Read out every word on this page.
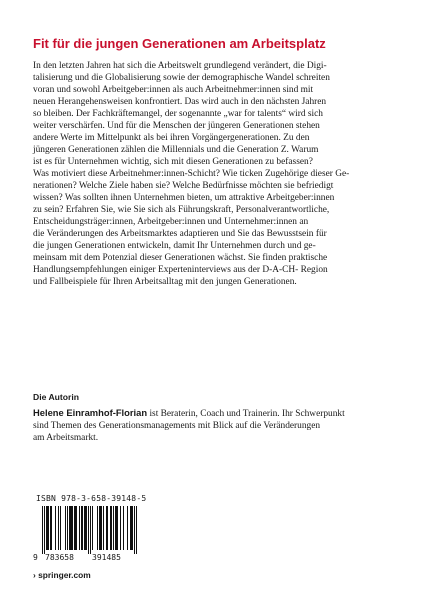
Fit für die jungen Generationen am Arbeitsplatz

In den letzten Jahren hat sich die Arbeitswelt grundlegend verändert, die Digi-
talisierung und die Globalisierung sowie der demographische Wandel schreiten
voran und sowohl Arbeitgeber:innen als auch Arbeitnehmer:innen sind mit
neuen Herangehensweisen konfrontiert. Das wird auch in den nächsten Jahren
so bleiben. Der Fachkräftemangel, der sogenannte „war for talents“ wird sich
weiter verschärfen. Und für die Menschen der jüngeren Generationen stehen
andere Werte im Mittelpunkt als bei ihren Vorgängergenerationen. Zu den
jüngeren Generationen zählen die Millennials und die Generation Z. Warum
ist es für Unternehmen wichtig, sich mit diesen Generationen zu befassen?
Was motiviert diese Arbeitnehmer:innen-Schicht? Wie ticken Zugehörige dieser Ge-
nerationen? Welche Ziele haben sie? Welche Bedürfnisse möchten sie befriedigt
wissen? Was sollten ihnen Unternehmen bieten, um attraktive Arbeitgeber:innen
zu sein? Erfahren Sie, wie Sie sich als Führungskraft, Personalverantwortliche,
Entscheidungsträger:innen, Arbeitgeber:innen und Unternehmer:innen an
die Veränderungen des Arbeitsmarktes adaptieren und Sie das Bewusstsein für
die jungen Generationen entwickeln, damit Ihr Unternehmen durch und ge-
meinsam mit dem Potenzial dieser Generationen wächst. Sie finden praktische
Handlungsempfehlungen einiger Experteninterviews aus der D-A-CH- Region
und Fallbeispiele für Ihren Arbeitsalltag mit den jungen Generationen.

Die Autorin

Helene Einramhof-Florian ist Beraterin, Coach und Trainerin. Ihr Schwerpunkt
sind Themen des Generationsmanagements mit Blick auf die Veränderungen
am Arbeitsmarkt.

ISBN 978-3-658-39148-5
9 783658 391485
› springer.com
